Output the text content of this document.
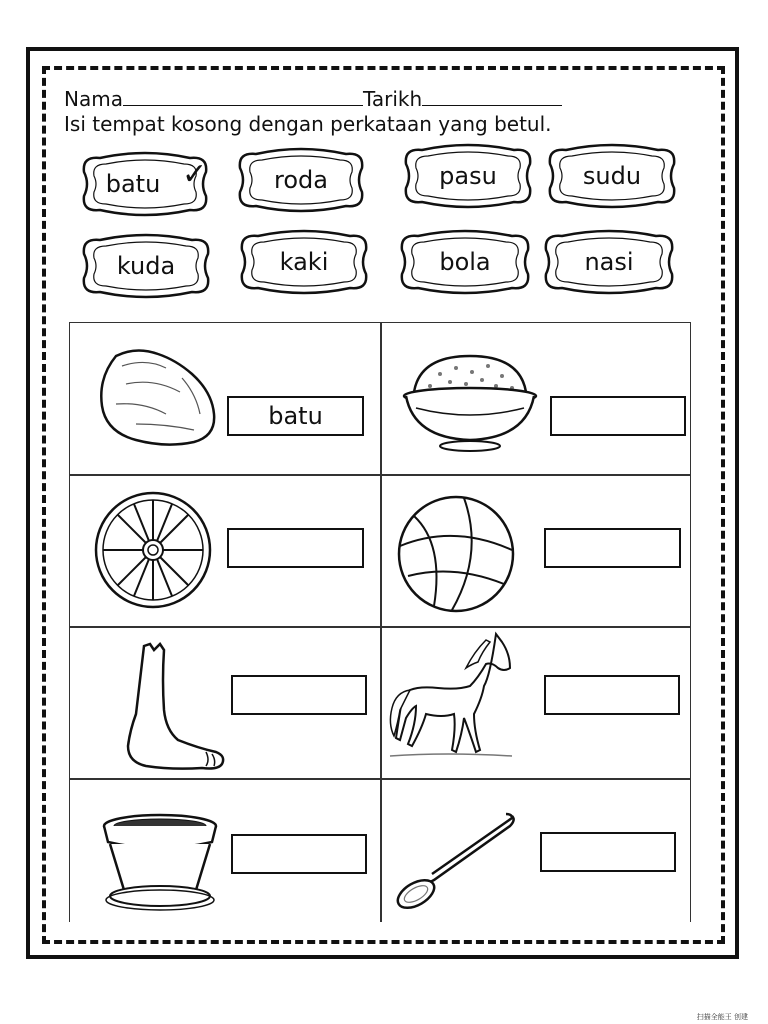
Nama	Tarikh
Isi tempat kosong dengan perkataan yang betul.
batu ✓	roda	pasu	sudu
kuda	kaki	bola	nasi
batu
扫描全能王 创建
